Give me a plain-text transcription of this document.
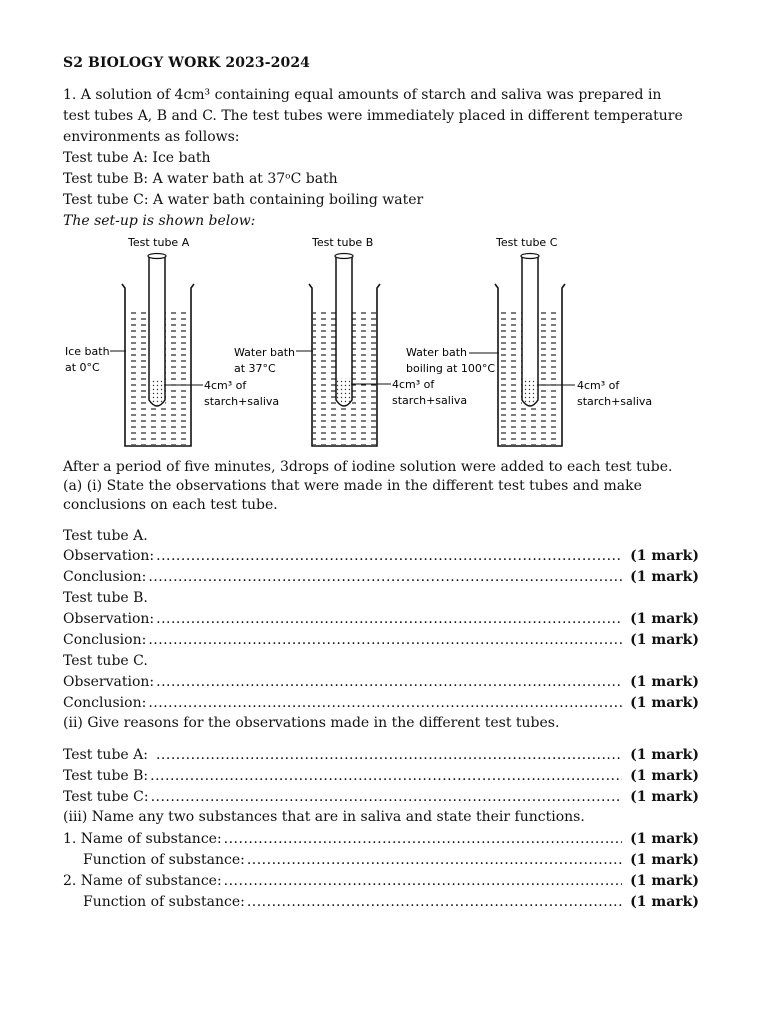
S2 BIOLOGY WORK 2023-2024
1. A solution of 4cm³ containing equal amounts of starch and saliva was prepared in
test tubes A, B and C. The test tubes were immediately placed in different temperature
environments as follows:
Test tube A: Ice bath
Test tube B: A water bath at 37ᵒC bath
Test tube C: A water bath containing boiling water
The set-up is shown below:
After a period of five minutes, 3drops of iodine solution were added to each test tube.
(a) (i) State the observations that were made in the different test tubes and make
conclusions on each test tube.
Test tube A.
Observation: .....	(1 mark)
Conclusion: .....	(1 mark)
Test tube B.
Observation: .....	(1 mark)
Conclusion: .....	(1 mark)
Test tube C.
Observation: .....	(1 mark)
Conclusion: .....	(1 mark)
(ii) Give reasons for the observations made in the different test tubes.
Test tube A: .....	(1 mark)
Test tube B: .....	(1 mark)
Test tube C: .....	(1 mark)
(iii) Name any two substances that are in saliva and state their functions.
1. Name of substance: .....	(1 mark)
Function of substance: .....	(1 mark)
2. Name of substance: .....	(1 mark)
Function of substance: .....	(1 mark)
Test tube A
Ice bath
at 0°C
4cm³ of
starch+saliva
Test tube B
Water bath
at 37°C
4cm³ of
starch+saliva
Test tube C
Water bath
boiling at 100°C
4cm³ of
starch+saliva
